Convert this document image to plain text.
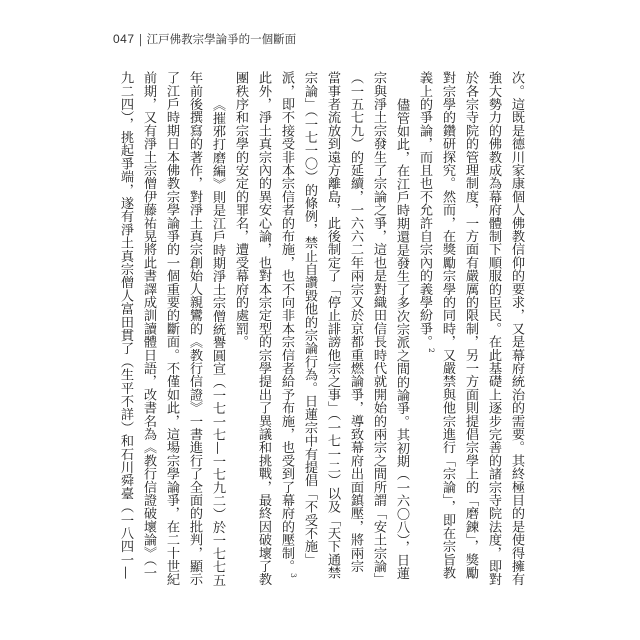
047 | 江戸佛教宗學論爭的一個斷面

次。這既是德川家康個人佛教信仰的要求，又是幕府統治的需要。其終極目的是使得擁有

強大勢力的佛教成為幕府體制下順服的臣民。在此基礎上逐步完善的諸宗寺院法度，即對

於各宗寺院的管理制度，一方面有嚴厲的限制，另一方面則提倡宗學上的「磨鍊」，獎勵

對宗學的鑽研探究。然而，在獎勵宗學的同時，又嚴禁與他宗進行「宗論」，即在宗旨教

義上的爭論，而且也不允許自宗內的義學紛爭。2

儘管如此，在江戶時期還是發生了多次宗派之間的論爭。其初期（一六〇八），日蓮

宗與淨土宗發生了宗論之爭，這也是對織田信長時代就開始的兩宗之間所謂「安土宗論」

（一五七九）的延續，一六六二年兩宗又於京都重燃論爭，導致幕府出面鎮壓，將兩宗

當事者流放到遠方離島，此後制定了「停止誹謗他宗之事」（一七一二）以及「天下通禁

宗論」（一七一〇）的條例，禁止自讚毀他的宗論行為。日蓮宗中有提倡「不受不施」

派，即不接受非本宗信者的布施，也不向非本宗信者給予布施，也受到了幕府的壓制。3

此外，淨土真宗內的異安心論，也對本宗定型的宗學提出了異議和挑戰，最終因破壞了教

團秩序和宗學的安定的罪名，遭受幕府的處罰。

《摧邪打磨編》則是江戶時期淨土宗僧統譽圓宣（一七一七—一七九二）於一七七五

年前後撰寫的著作，對淨土真宗創始人親鸞的《教行信證》一書進行了全面的批判，顯示

了江戶時期日本佛教宗學論爭的一個重要的斷面。不僅如此，這場宗學論爭，在二十世紀

前期，又有淨土宗僧伊藤祐晃將此書譯成訓讀體日語，改書名為《教行信證破壞論》（一

九二四），挑起爭端，遂有淨土真宗僧人富田貫了（生平不詳）和石川舜臺（一八四一—
